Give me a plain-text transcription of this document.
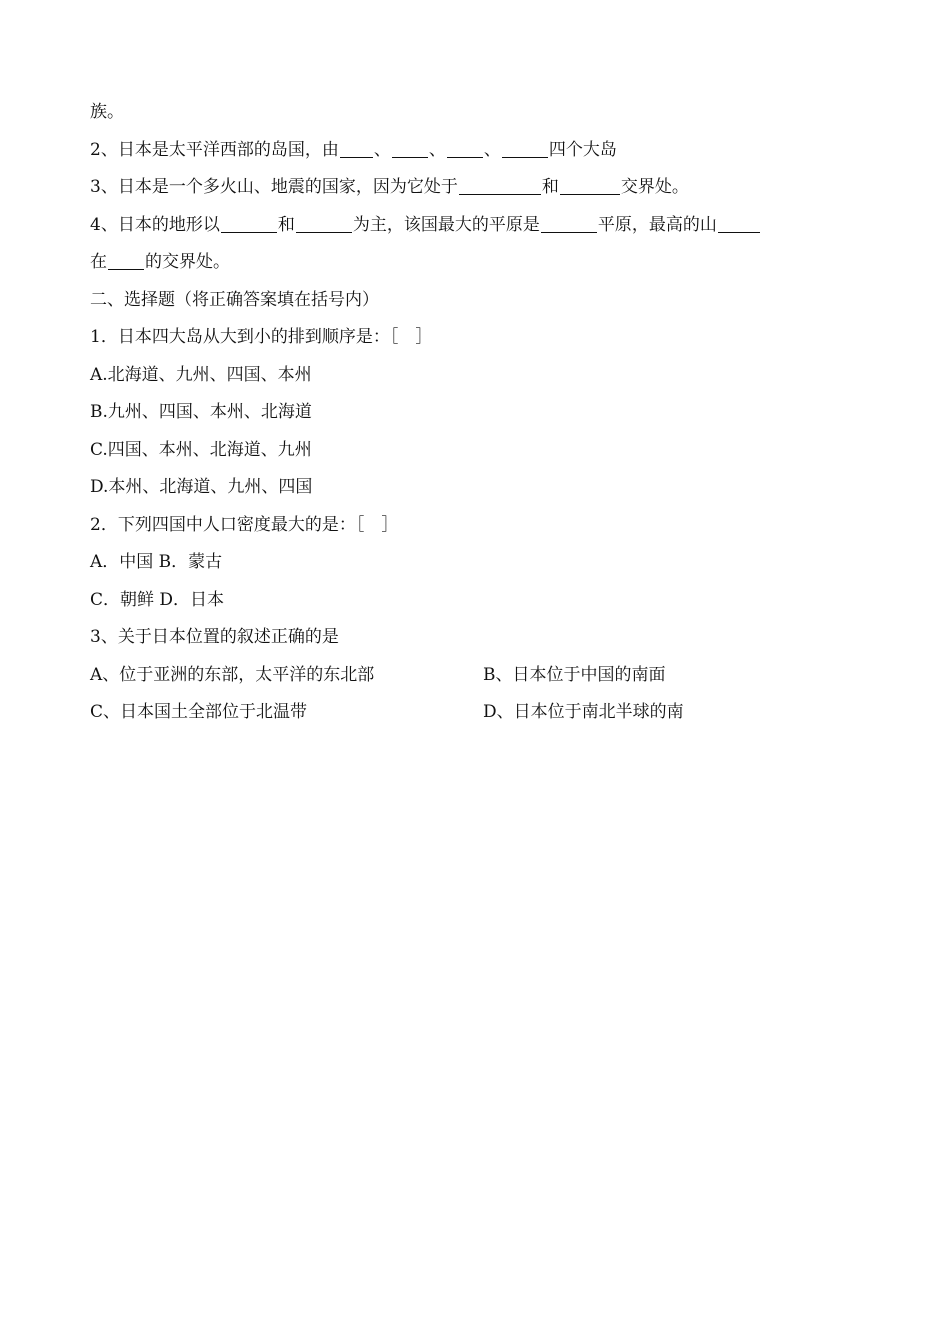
族。
2、日本是太平洋西部的岛国，由 、 、 、	四个大岛
3、日本是一个多火山、地震的国家，因为它处于	和	交界处。
4、日本的地形以	和	为主，该国最大的平原是	平原，最高的山
在 的交界处。
二、选择题（将正确答案填在括号内）
1．日本四大岛从大到小的排到顺序是：［　］
A.北海道、九州、四国、本州
B.九州、四国、本州、北海道
C.四国、本州、北海道、九州
D.本州、北海道、九州、四国
2．下列四国中人口密度最大的是：［　］
A．中国 B．蒙古
C．朝鲜 D．日本
3、关于日本位置的叙述正确的是
A、位于亚洲的东部，太平洋的东北部	B、日本位于中国的南面
C、日本国土全部位于北温带	D、日本位于南北半球的南
